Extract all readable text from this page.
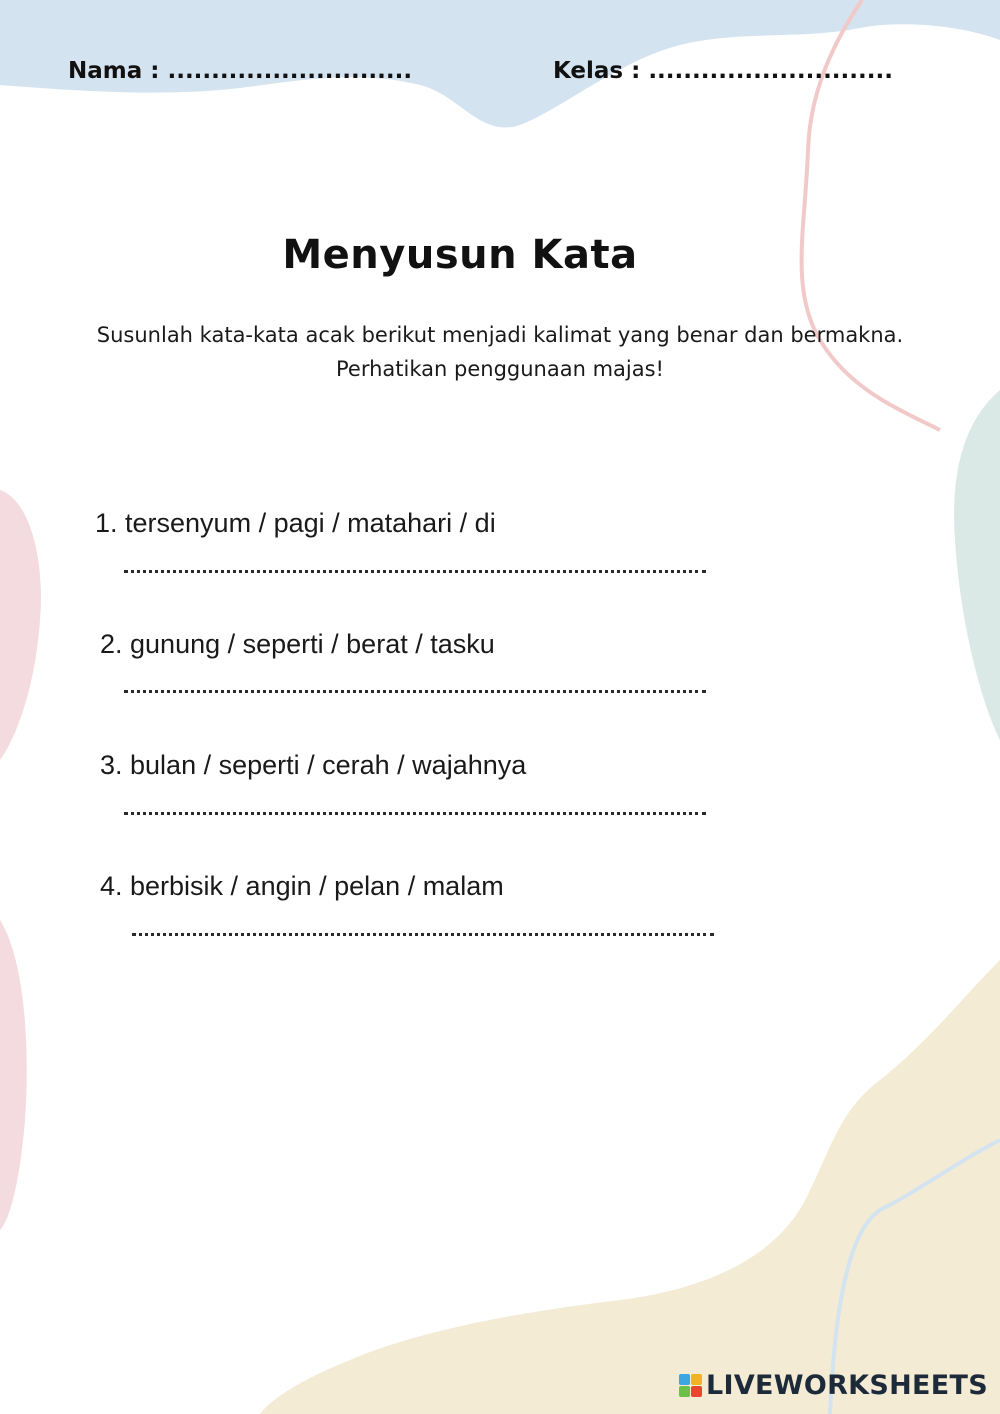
Nama : ............................	Kelas : ............................
Menyusun Kata
Susunlah kata-kata acak berikut menjadi kalimat yang benar dan bermakna.
Perhatikan penggunaan majas!
1. tersenyum / pagi / matahari / di
2. gunung / seperti / berat / tasku
3. bulan / seperti / cerah / wajahnya
4. berbisik / angin / pelan / malam
LIVEWORKSHEETS
